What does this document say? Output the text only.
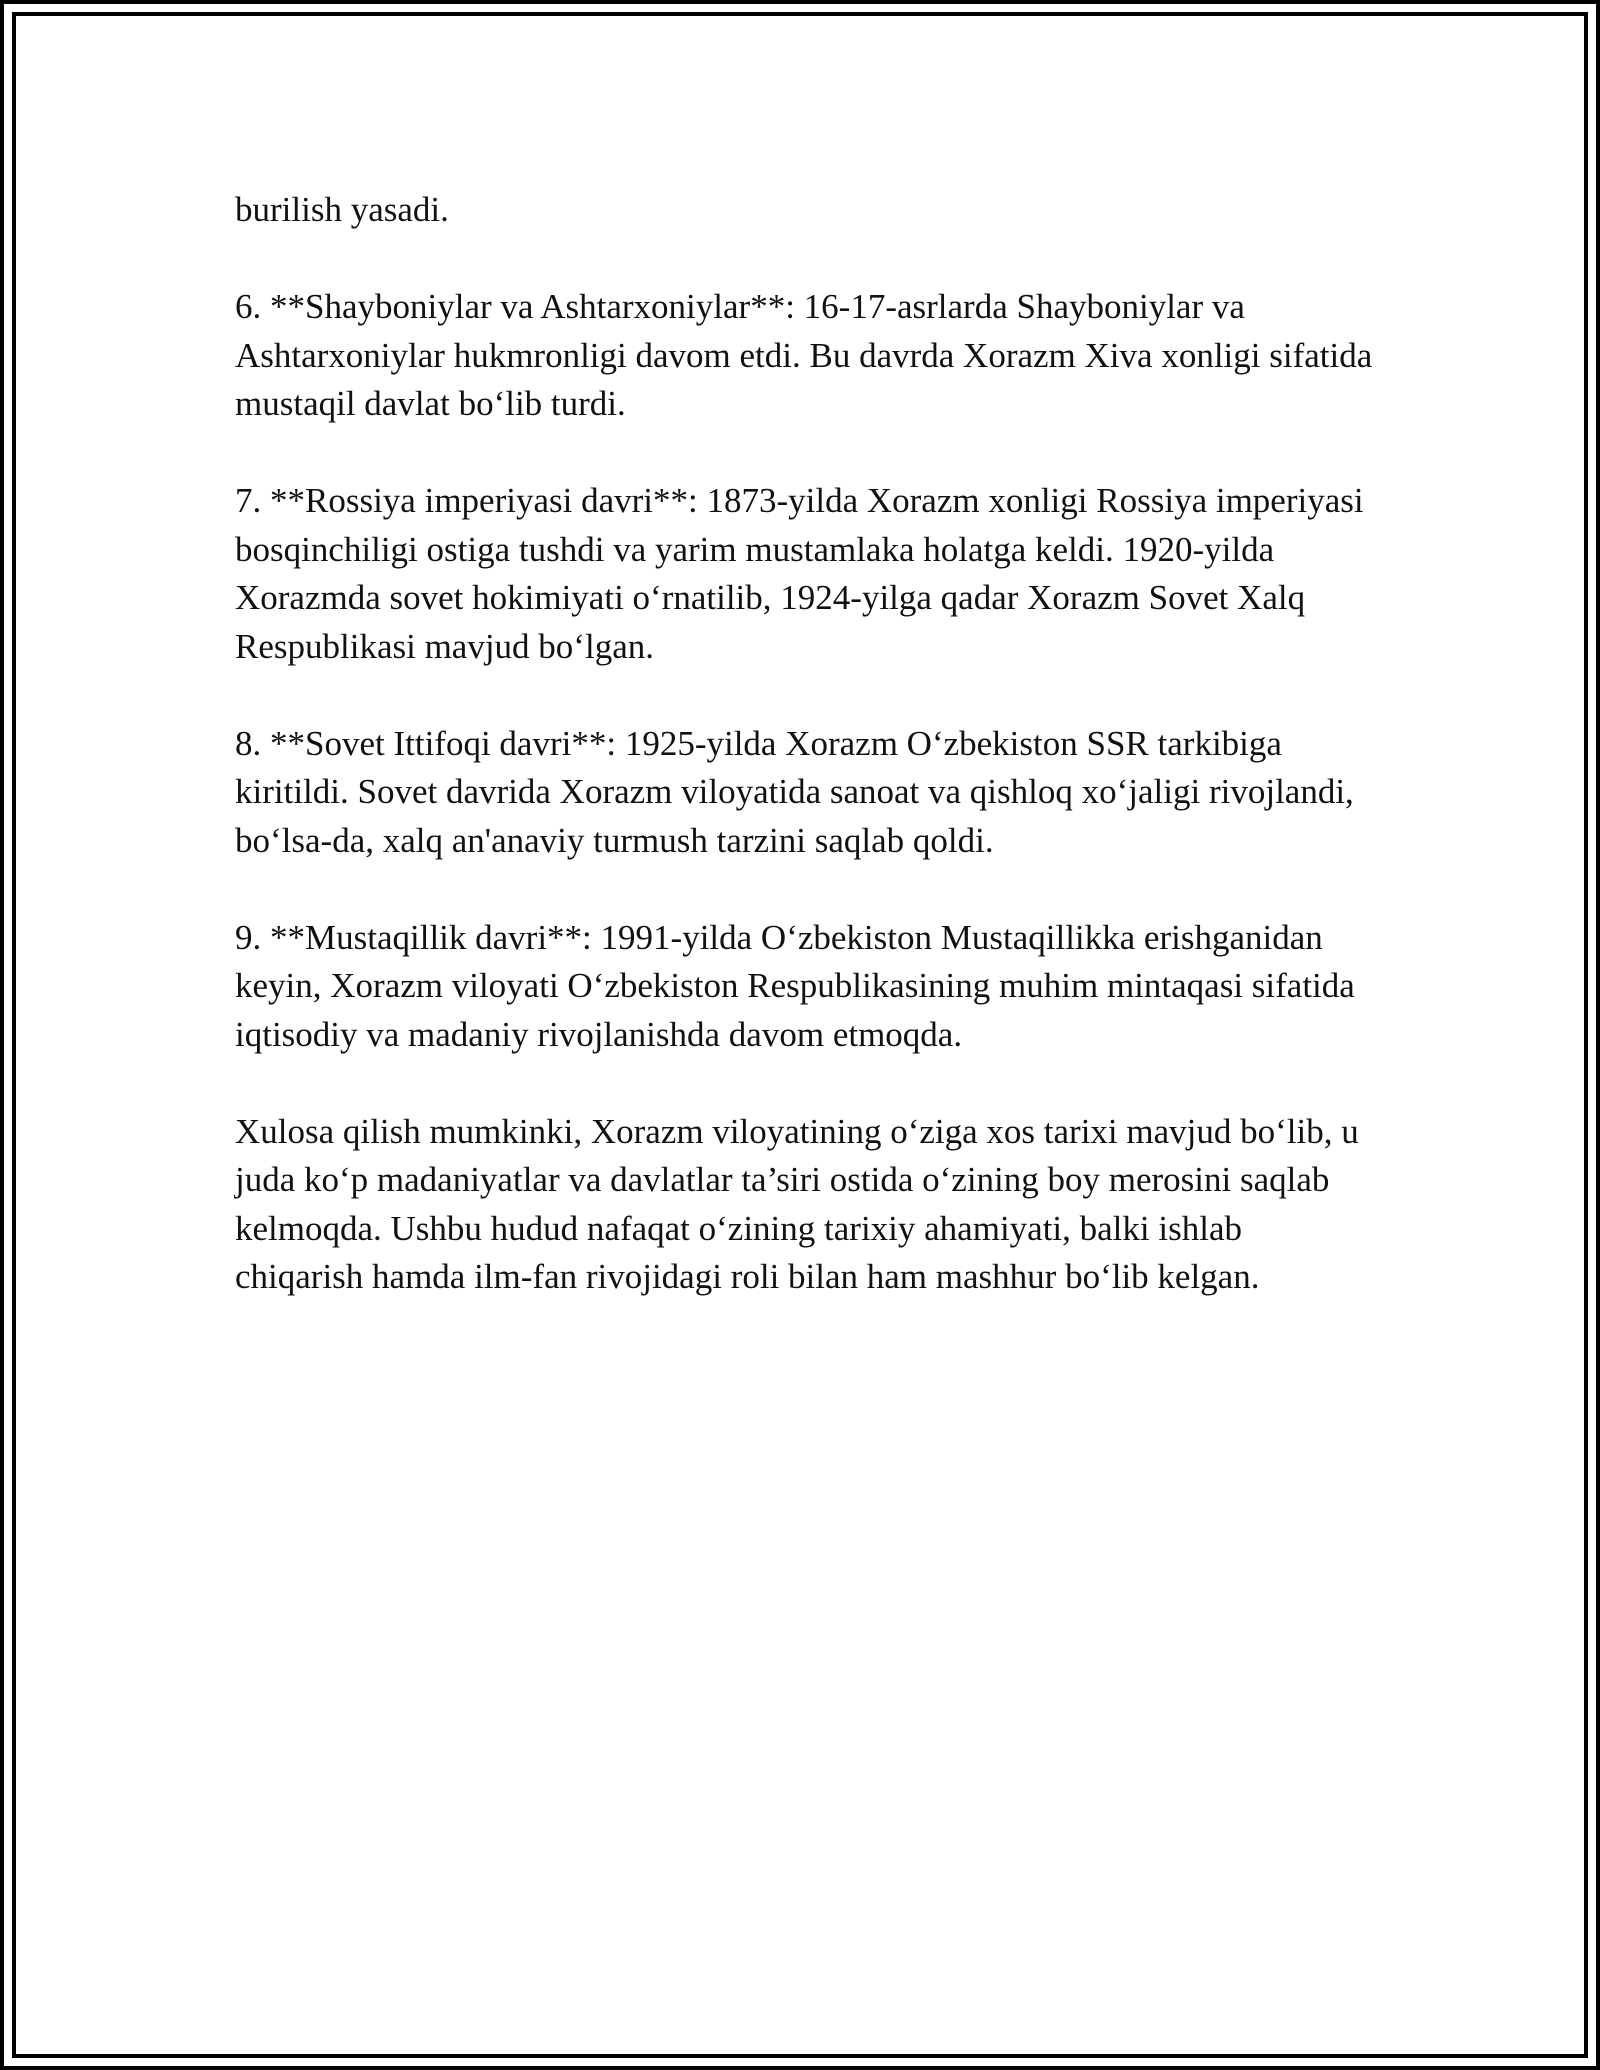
burilish yasadi.

6. **Shayboniylar va Ashtarxoniylar**: 16-17-asrlarda Shayboniylar va Ashtarxoniylar hukmronligi davom etdi. Bu davrda Xorazm Xiva xonligi sifatida mustaqil davlat bo‘lib turdi.

7. **Rossiya imperiyasi davri**: 1873-yilda Xorazm xonligi Rossiya imperiyasi bosqinchiligi ostiga tushdi va yarim mustamlaka holatga keldi. 1920-yilda Xorazmda sovet hokimiyati o‘rnatilib, 1924-yilga qadar Xorazm Sovet Xalq Respublikasi mavjud bo‘lgan.

8. **Sovet Ittifoqi davri**: 1925-yilda Xorazm O‘zbekiston SSR tarkibiga kiritildi. Sovet davrida Xorazm viloyatida sanoat va qishloq xo‘jaligi rivojlandi, bo‘lsa-da, xalq an'anaviy turmush tarzini saqlab qoldi.

9. **Mustaqillik davri**: 1991-yilda O‘zbekiston Mustaqillikka erishganidan keyin, Xorazm viloyati O‘zbekiston Respublikasining muhim mintaqasi sifatida iqtisodiy va madaniy rivojlanishda davom etmoqda.

Xulosa qilish mumkinki, Xorazm viloyatining o‘ziga xos tarixi mavjud bo‘lib, u juda ko‘p madaniyatlar va davlatlar ta’siri ostida o‘zining boy merosini saqlab kelmoqda. Ushbu hudud nafaqat o‘zining tarixiy ahamiyati, balki ishlab chiqarish hamda ilm-fan rivojidagi roli bilan ham mashhur bo‘lib kelgan.
